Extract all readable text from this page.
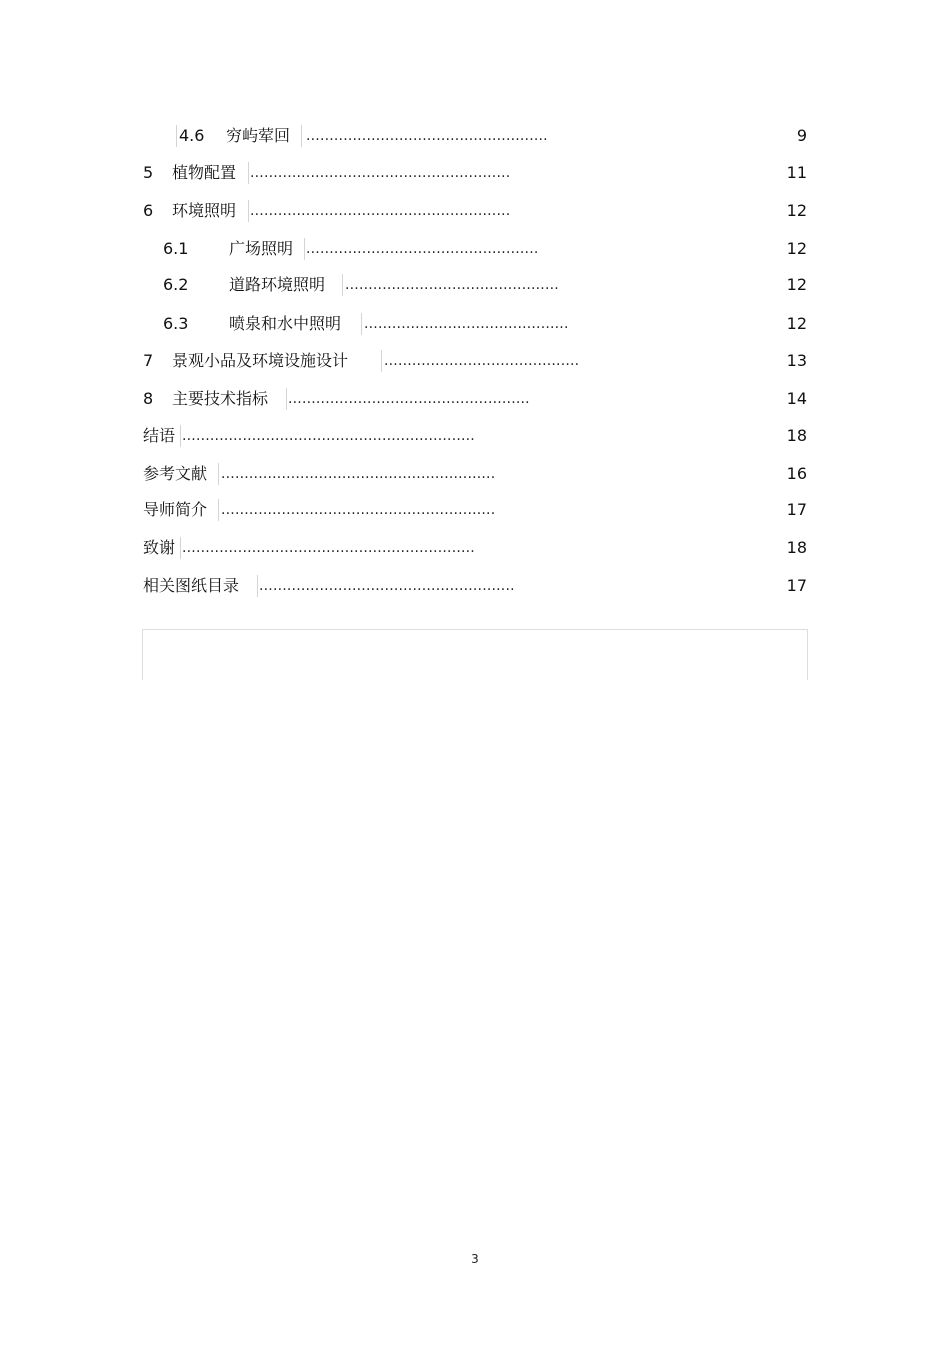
4.6 穷屿荤回 ....................................................	9
5 植物配置 ........................................................	11
6 环境照明 ........................................................	12
6.1	广场照明 ..................................................	12
6.2	道路环境照明 ..............................................	12
6.3	喷泉和水中照明 ............................................	12
7 景观小品及环境设施设计	..........................................	13
8 主要技术指标 ....................................................	14
结语 ...............................................................	18
参考文献 ...........................................................	16
导师简介 ...........................................................	17
致谢 ...............................................................	18
相关图纸目录 .......................................................	17
3
